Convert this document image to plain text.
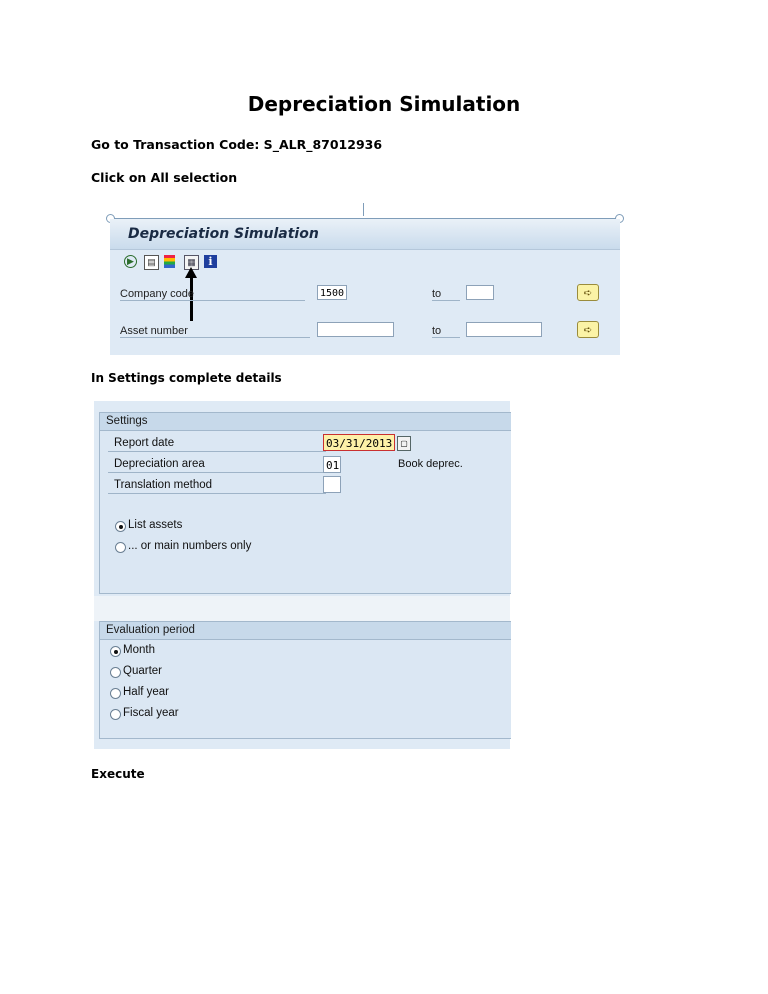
Depreciation Simulation
Go to Transaction Code: S_ALR_87012936
Click on All selection
In Settings complete details
Execute
Depreciation Simulation
▶	▤	▦	i
Company code	1500	to	➪
Asset number	to	➪
Settings
Report date	03/31/2013 ▢
Depreciation area	01	Book deprec.
Translation method
List assets
... or main numbers only
Evaluation period
Month
Quarter
Half year
Fiscal year
